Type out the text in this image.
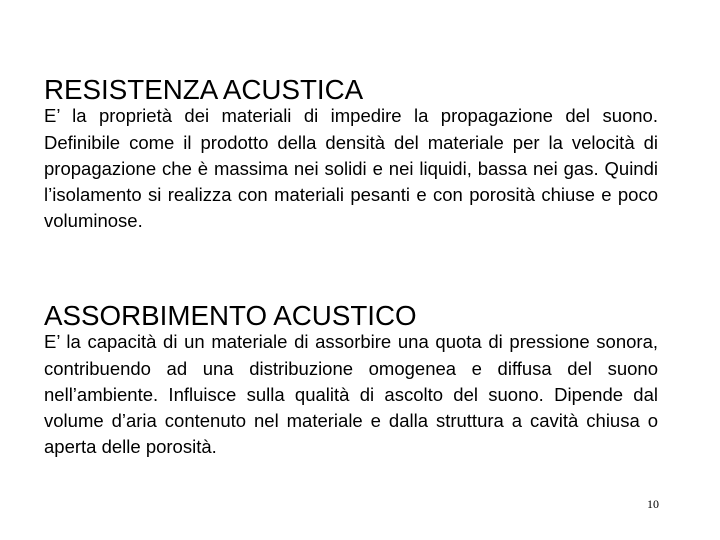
RESISTENZA ACUSTICA

E’ la proprietà dei materiali di impedire la propagazione del suono. Definibile come il prodotto della densità del materiale per la velocità di propagazione che è massima nei solidi e nei liquidi, bassa nei gas. Quindi l’isolamento si realizza con materiali pesanti e con porosità chiuse e poco voluminose.

ASSORBIMENTO ACUSTICO

E’ la capacità di un materiale di assorbire una quota di pressione sonora, contribuendo ad una distribuzione omogenea e diffusa del suono nell’ambiente. Influisce sulla qualità di ascolto del suono. Dipende dal volume d’aria contenuto nel materiale e dalla struttura a cavità chiusa o aperta delle porosità.

10
